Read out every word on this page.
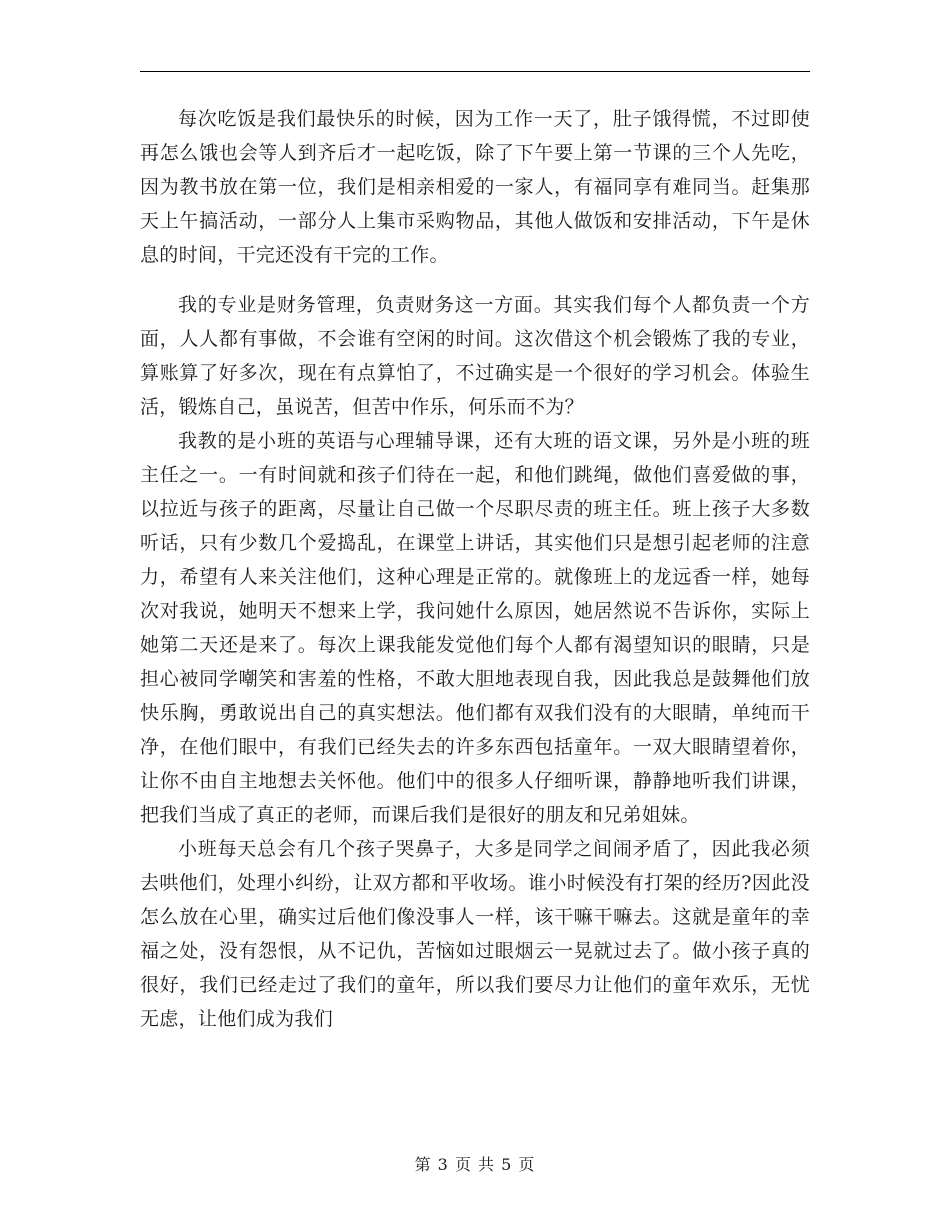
每次吃饭是我们最快乐的时候，因为工作一天了，肚子饿得慌，不过即使再怎么饿也会等人到齐后才一起吃饭，除了下午要上第一节课的三个人先吃，因为教书放在第一位，我们是相亲相爱的一家人，有福同享有难同当。赶集那天上午搞活动，一部分人上集市采购物品，其他人做饭和安排活动，下午是休息的时间，干完还没有干完的工作。

我的专业是财务管理，负责财务这一方面。其实我们每个人都负责一个方面，人人都有事做，不会谁有空闲的时间。这次借这个机会锻炼了我的专业，算账算了好多次，现在有点算怕了，不过确实是一个很好的学习机会。体验生活，锻炼自己，虽说苦，但苦中作乐，何乐而不为？

我教的是小班的英语与心理辅导课，还有大班的语文课，另外是小班的班主任之一。一有时间就和孩子们待在一起，和他们跳绳，做他们喜爱做的事，以拉近与孩子的距离，尽量让自己做一个尽职尽责的班主任。班上孩子大多数听话，只有少数几个爱捣乱，在课堂上讲话，其实他们只是想引起老师的注意力，希望有人来关注他们，这种心理是正常的。就像班上的龙远香一样，她每次对我说，她明天不想来上学，我问她什么原因，她居然说不告诉你，实际上她第二天还是来了。每次上课我能发觉他们每个人都有渴望知识的眼睛，只是担心被同学嘲笑和害羞的性格，不敢大胆地表现自我，因此我总是鼓舞他们放快乐胸，勇敢说出自己的真实想法。他们都有双我们没有的大眼睛，单纯而干净，在他们眼中，有我们已经失去的许多东西包括童年。一双大眼睛望着你，让你不由自主地想去关怀他。他们中的很多人仔细听课，静静地听我们讲课，把我们当成了真正的老师，而课后我们是很好的朋友和兄弟姐妹。

小班每天总会有几个孩子哭鼻子，大多是同学之间闹矛盾了，因此我必须去哄他们，处理小纠纷，让双方都和平收场。谁小时候没有打架的经历?因此没怎么放在心里，确实过后他们像没事人一样，该干嘛干嘛去。这就是童年的幸福之处，没有怨恨，从不记仇，苦恼如过眼烟云一晃就过去了。做小孩子真的很好，我们已经走过了我们的童年，所以我们要尽力让他们的童年欢乐，无忧无虑，让他们成为我们

第 3 页 共 5 页
